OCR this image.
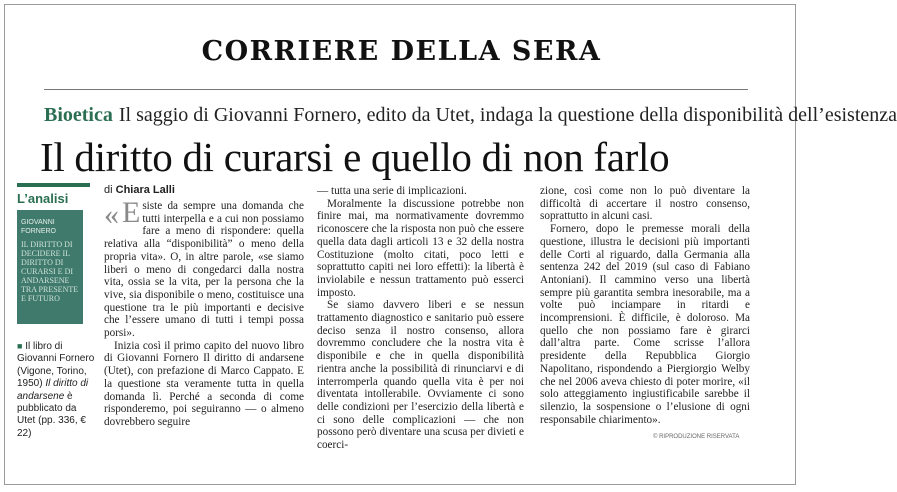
CORRIERE DELLA SERA
Bioetica Il saggio di Giovanni Fornero, edito da Utet, indaga la questione della disponibilità dell’esistenza
Il diritto di curarsi e quello di non farlo
L’analisi
GIOVANNI FORNERO
IL DIRITTO DI DECIDERE IL DIRITTO DI CURARSI E DI ANDARSENE TRA PRESENTE E FUTURO
■ Il libro di Giovanni Fornero (Vigone, Torino, 1950) Il diritto di andarsene è pubblicato da Utet (pp. 336, € 22)
di Chiara Lalli

« E siste da sempre una domanda che tutti interpella e a cui non possiamo fare a meno di rispondere: quella relativa alla “disponibilità” o meno della propria vita». O, in altre parole, «se siamo liberi o meno di congedarci dalla nostra vita, ossia se la vita, per la persona che la vive, sia disponibile o meno, costituisce una questione tra le più importanti e decisive che l’essere umano di tutti i tempi possa porsi».

Inizia così il primo capito del nuovo libro di Giovanni Fornero Il diritto di andarsene (Utet), con prefazione di Marco Cappato. E la questione sta veramente tutta in quella domanda lì. Perché a seconda di come risponderemo, poi seguiranno — o almeno dovrebbero seguire

— tutta una serie di implicazioni.

Moralmente la discussione potrebbe non finire mai, ma normativamente dovremmo riconoscere che la risposta non può che essere quella data dagli articoli 13 e 32 della nostra Costituzione (molto citati, poco letti e soprattutto capiti nei loro effetti): la libertà è inviolabile e nessun trattamento può esserci imposto.

Se siamo davvero liberi e se nessun trattamento diagnostico e sanitario può essere deciso senza il nostro consenso, allora dovremmo concludere che la nostra vita è disponibile e che in quella disponibilità rientra anche la possibilità di rinunciarvi e di interromperla quando quella vita è per noi diventata intollerabile. Ovviamente ci sono delle condizioni per l’esercizio della libertà e ci sono delle complicazioni — che non possono però diventare una scusa per divieti e coerci-

zione, così come non lo può diventare la difficoltà di accertare il nostro consenso, soprattutto in alcuni casi.

Fornero, dopo le premesse morali della questione, illustra le decisioni più importanti delle Corti al riguardo, dalla Germania alla sentenza 242 del 2019 (sul caso di Fabiano Antoniani). Il cammino verso una libertà sempre più garantita sembra inesorabile, ma a volte può inciampare in ritardi e incomprensioni. È difficile, è doloroso. Ma quello che non possiamo fare è girarci dall’altra parte. Come scrisse l’allora presidente della Repubblica Giorgio Napolitano, rispondendo a Piergiorgio Welby che nel 2006 aveva chiesto di poter morire, «il solo atteggiamento ingiustificabile sarebbe il silenzio, la sospensione o l’elusione di ogni responsabile chiarimento».

© RIPRODUZIONE RISERVATA
